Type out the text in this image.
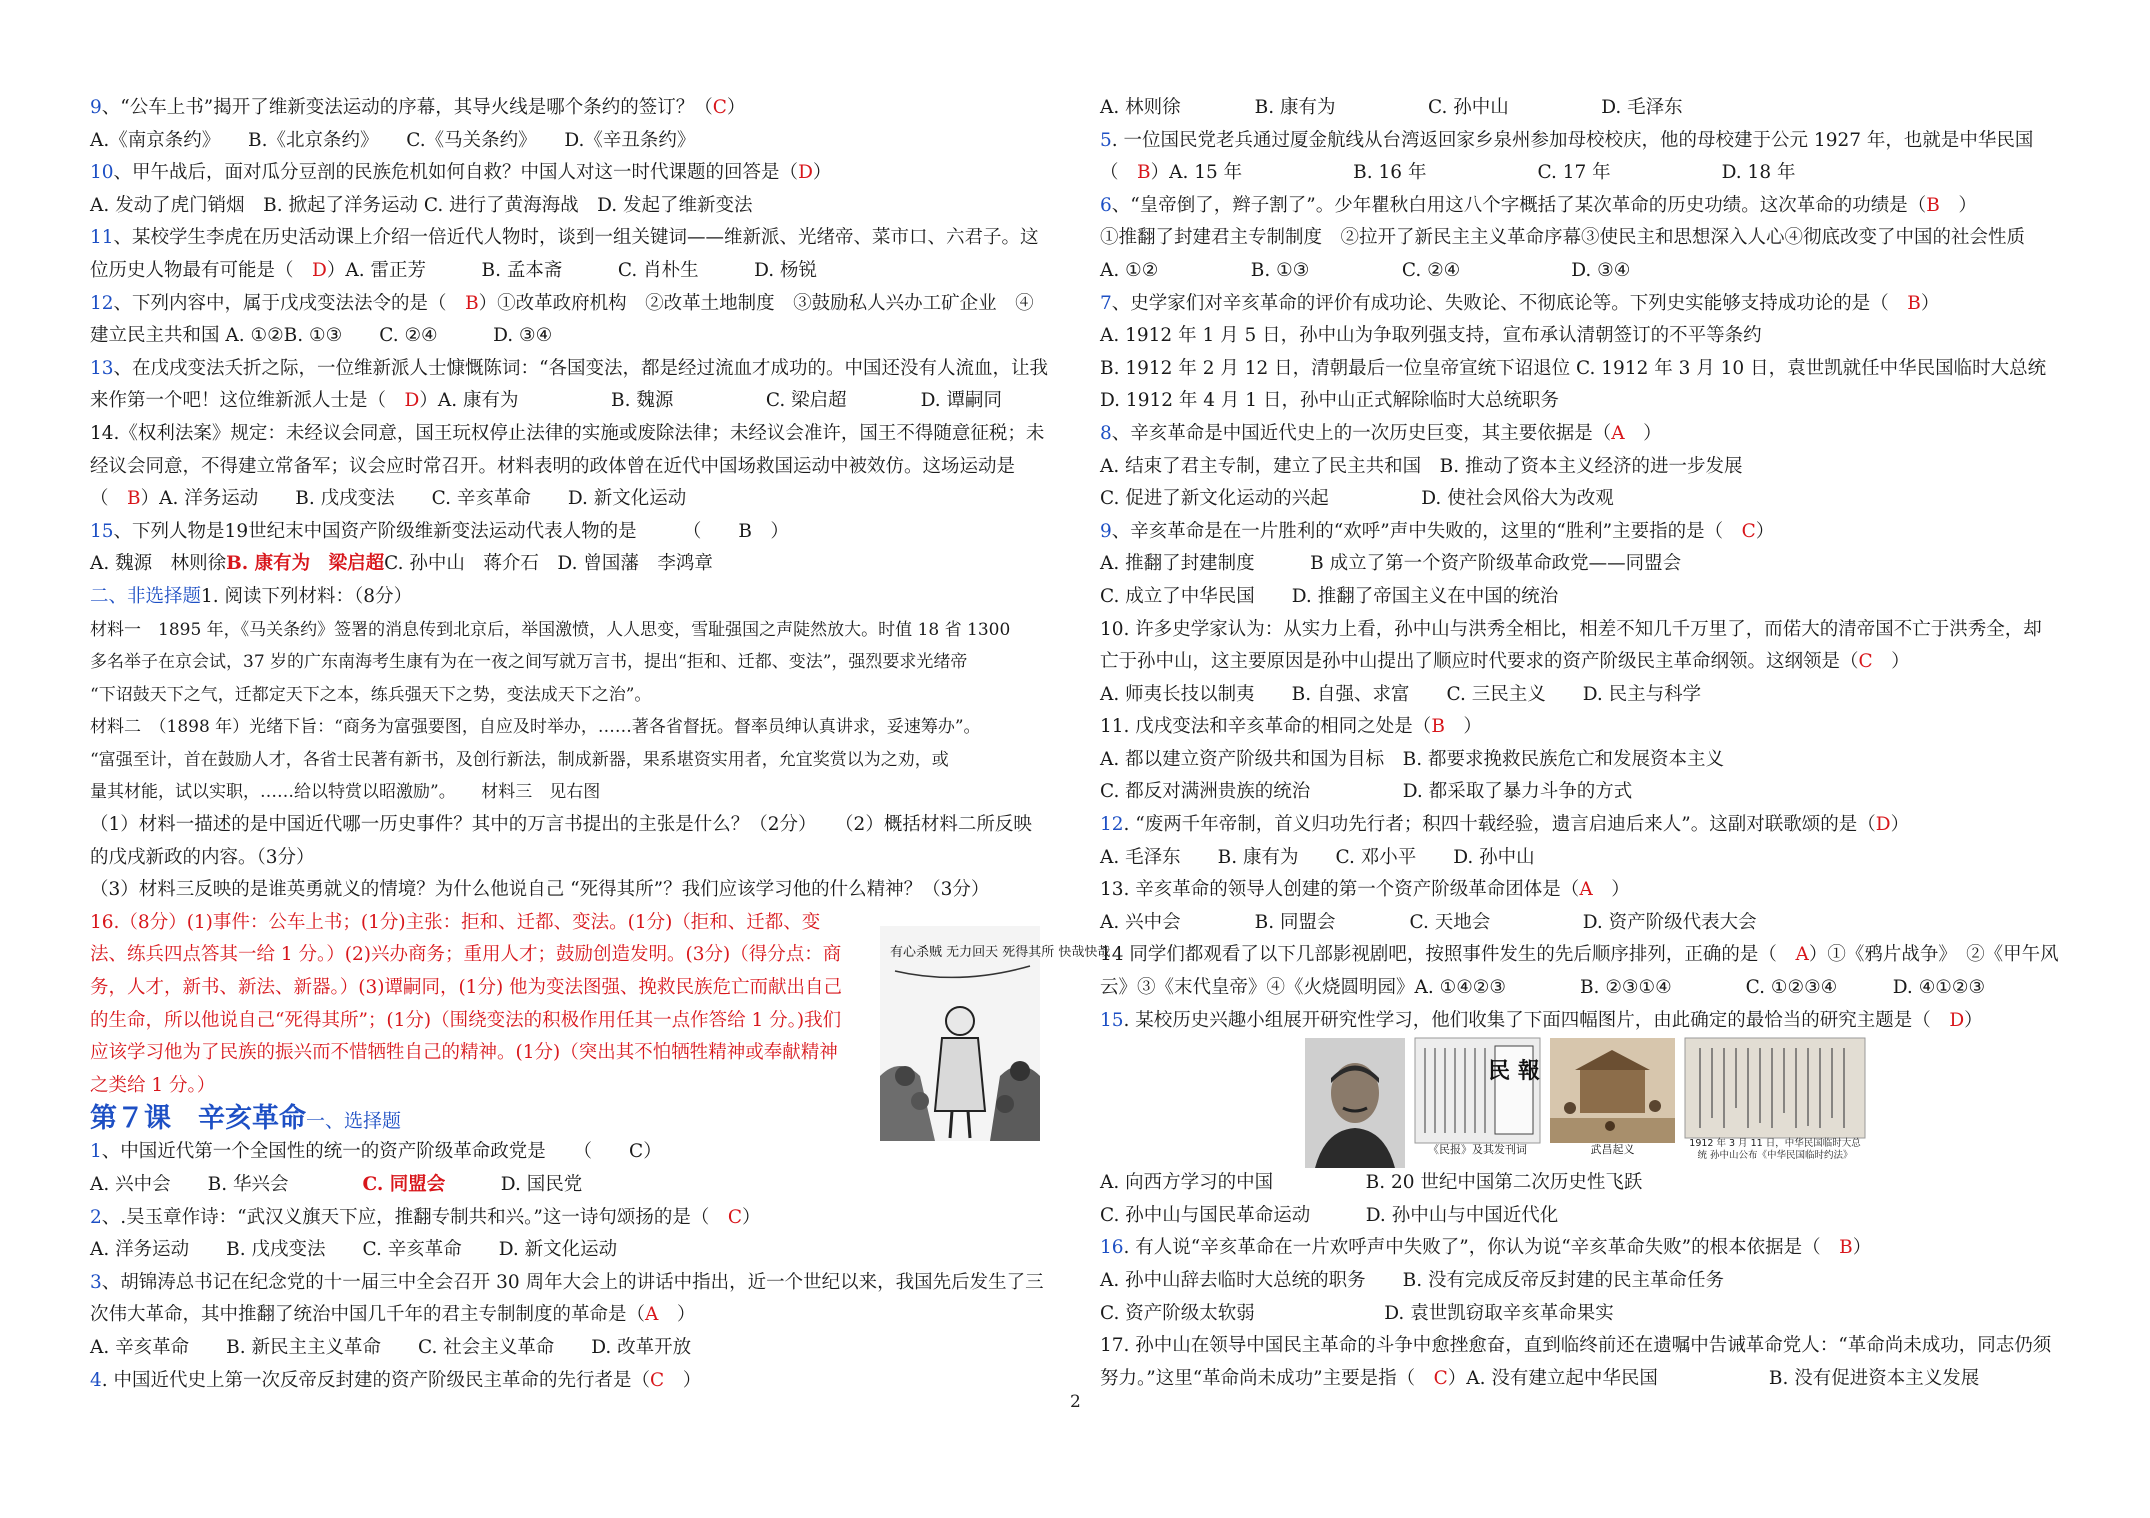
9、“公车上书”揭开了维新变法运动的序幕，其导火线是哪个条约的签订？（C）
A.《南京条约》　　B.《北京条约》　　C.《马关条约》　　D.《辛丑条约》
10、甲午战后，面对瓜分豆剖的民族危机如何自救？中国人对这一时代课题的回答是（D）
A. 发动了虎门销烟　B. 掀起了洋务运动 C. 进行了黄海海战　D. 发起了维新变法
11、某校学生李虎在历史活动课上介绍一倍近代人物时，谈到一组关键词——维新派、光绪帝、菜市口、六君子。这
位历史人物最有可能是（　D）A. 雷正芳　　　B. 孟本斋　　　C. 肖朴生　　　D. 杨锐
12、下列内容中，属于戊戌变法法令的是（　B）①改革政府机构　②改革土地制度　③鼓励私人兴办工矿企业　④
建立民主共和国 A. ①②B. ①③　　C. ②④　　　D. ③④
13、在戊戌变法夭折之际，一位维新派人士慷慨陈词：“各国变法，都是经过流血才成功的。中国还没有人流血，让我
来作第一个吧！这位维新派人士是（　D）A. 康有为　　　　　B. 魏源　　　　　C. 梁启超　　　　D. 谭嗣同
14.《权利法案》规定：未经议会同意，国王玩权停止法律的实施或废除法律；未经议会准许，国王不得随意征税；未
经议会同意，不得建立常备军；议会应时常召开。材料表明的政体曾在近代中国场救国运动中被效仿。这场运动是
（　B）A. 洋务运动　　B. 戊戌变法　　C. 辛亥革命　　D. 新文化运动
15、下列人物是19世纪末中国资产阶级维新变法运动代表人物的是　　　（　　B　）
A. 魏源　林则徐B. 康有为　梁启超C. 孙中山　蒋介石　D. 曾国藩　李鸿章
二、非选择题1. 阅读下列材料：（8分）
材料一　1895 年，《马关条约》签署的消息传到北京后，举国激愤，人人思变，雪耻强国之声陡然放大。时值 18 省 1300
多名举子在京会试，37 岁的广东南海考生康有为在一夜之间写就万言书，提出“拒和、迁都、变法”，强烈要求光绪帝
“下诏鼓天下之气，迁都定天下之本，练兵强天下之势，变法成天下之治”。
材料二　（1898 年）光绪下旨：“商务为富强要图，自应及时举办，……著各省督抚。督率员绅认真讲求，妥速筹办”。
“富强至计，首在鼓励人才，各省士民著有新书，及创行新法，制成新器，果系堪资实用者，允宜奖赏以为之劝，或
量其材能，试以实职，……给以特赏以昭激励”。　　材料三　见右图
（1）材料一描述的是中国近代哪一历史事件？其中的万言书提出的主张是什么？（2分）　　（2）概括材料二所反映
的戊戌新政的内容。（3分）
（3）材料三反映的是谁英勇就义的情境？为什么他说自己 “死得其所”？我们应该学习他的什么精神？（3分）
16.（8分）(1)事件：公车上书；(1分)主张：拒和、迁都、变法。(1分)（拒和、迁都、变
法、练兵四点答其一给 1 分。）(2)兴办商务；重用人才；鼓励创造发明。(3分)（得分点：商
务，人才，新书、新法、新器。）(3)谭嗣同，(1分) 他为变法图强、挽救民族危亡而献出自己
的生命，所以他说自己“死得其所”；(1分)（围绕变法的积极作用任其一点作答给 1 分。)我们
应该学习他为了民族的振兴而不惜牺牲自己的精神。(1分)（突出其不怕牺牲精神或奉献精神
之类给 1 分。）
第７课　辛亥革命一、选择题
1、中国近代第一个全国性的统一的资产阶级革命政党是　　（　　C）
A. 兴中会　　B. 华兴会　　　　C. 同盟会　　　D. 国民党
2、.吴玉章作诗：“武汉义旗天下应，推翻专制共和兴。”这一诗句颂扬的是（　C）
A. 洋务运动　　B. 戊戌变法　　C. 辛亥革命　　D. 新文化运动
3、胡锦涛总书记在纪念党的十一届三中全会召开 30 周年大会上的讲话中指出，近一个世纪以来，我国先后发生了三
次伟大革命，其中推翻了统治中国几千年的君主专制制度的革命是（A　）
A. 辛亥革命　　B. 新民主主义革命　　C. 社会主义革命　　D. 改革开放
4. 中国近代史上第一次反帝反封建的资产阶级民主革命的先行者是（C　）
有心杀贼 无力回天 死得其所 快哉快哉
A. 林则徐　　　　B. 康有为　　　　　C. 孙中山　　　　　D. 毛泽东
5. 一位国民党老兵通过厦金航线从台湾返回家乡泉州参加母校校庆，他的母校建于公元 1927 年，也就是中华民国
（　B）A. 15 年　　　　　　B. 16 年　　　　　　C. 17 年　　　　　　D. 18 年
6、“皇帝倒了，辫子割了”。少年瞿秋白用这八个字概括了某次革命的历史功绩。这次革命的功绩是（B　）
①推翻了封建君主专制制度　②拉开了新民主主义革命序幕③使民主和思想深入人心④彻底改变了中国的社会性质
A. ①②　　　　　B. ①③　　　　　C. ②④　　　　　　D. ③④
7、史学家们对辛亥革命的评价有成功论、失败论、不彻底论等。下列史实能够支持成功论的是（　B）
A. 1912 年 1 月 5 日，孙中山为争取列强支持，宣布承认清朝签订的不平等条约
B. 1912 年 2 月 12 日，清朝最后一位皇帝宣统下诏退位 C. 1912 年 3 月 10 日，袁世凯就任中华民国临时大总统
D. 1912 年 4 月 1 日，孙中山正式解除临时大总统职务
8、辛亥革命是中国近代史上的一次历史巨变，其主要依据是（A　）
A. 结束了君主专制，建立了民主共和国　B. 推动了资本主义经济的进一步发展
C. 促进了新文化运动的兴起　　　　　D. 使社会风俗大为改观
9、辛亥革命是在一片胜利的“欢呼”声中失败的，这里的“胜利”主要指的是（　C）
A. 推翻了封建制度　　　B 成立了第一个资产阶级革命政党——同盟会
C. 成立了中华民国　　D. 推翻了帝国主义在中国的统治
10. 许多史学家认为：从实力上看，孙中山与洪秀全相比，相差不知几千万里了，而偌大的清帝国不亡于洪秀全，却
亡于孙中山，这主要原因是孙中山提出了顺应时代要求的资产阶级民主革命纲领。这纲领是（C　）
A. 师夷长技以制夷　　B. 自强、求富　　C. 三民主义　　D. 民主与科学
11. 戊戌变法和辛亥革命的相同之处是（B　）
A. 都以建立资产阶级共和国为目标　B. 都要求挽救民族危亡和发展资本主义
C. 都反对满洲贵族的统治　　　　　D. 都采取了暴力斗争的方式
12. “废两千年帝制，首义归功先行者；积四十载经验，遗言启迪后来人”。这副对联歌颂的是（D）
A. 毛泽东　　B. 康有为　　C. 邓小平　　D. 孙中山
13. 辛亥革命的领导人创建的第一个资产阶级革命团体是（A　）
A. 兴中会　　　　B. 同盟会　　　　C. 天地会　　　　　D. 资产阶级代表大会
14 同学们都观看了以下几部影视剧吧，按照事件发生的先后顺序排列，正确的是（　A）①《鸦片战争》　②《甲午风
云》③《末代皇帝》④《火烧圆明园》A. ①④②③　　　　B. ②③①④　　　　C. ①②③④　　　D. ④①②③
15. 某校历史兴趣小组展开研究性学习，他们收集了下面四幅图片，由此确定的最恰当的研究主题是（　D）
A. 向西方学习的中国　　　　　B. 20 世纪中国第二次历史性飞跃
C. 孙中山与国民革命运动　　　D. 孙中山与中国近代化
16. 有人说“辛亥革命在一片欢呼声中失败了”，你认为说“辛亥革命失败”的根本依据是（　B）
A. 孙中山辞去临时大总统的职务　　B. 没有完成反帝反封建的民主革命任务
C. 资产阶级太软弱　　　　　　　D. 袁世凯窃取辛亥革命果实
17. 孙中山在领导中国民主革命的斗争中愈挫愈奋，直到临终前还在遗嘱中告诫革命党人：“革命尚未成功，同志仍须
努力。”这里“革命尚未成功”主要是指（　C）A. 没有建立起中华民国　　　　　　B. 没有促进资本主义发展
民 報
《民报》及其发刊词	武昌起义	1912 年 3 月 11 日，中华民国临时大总统 孙中山公布《中华民国临时约法》
2
